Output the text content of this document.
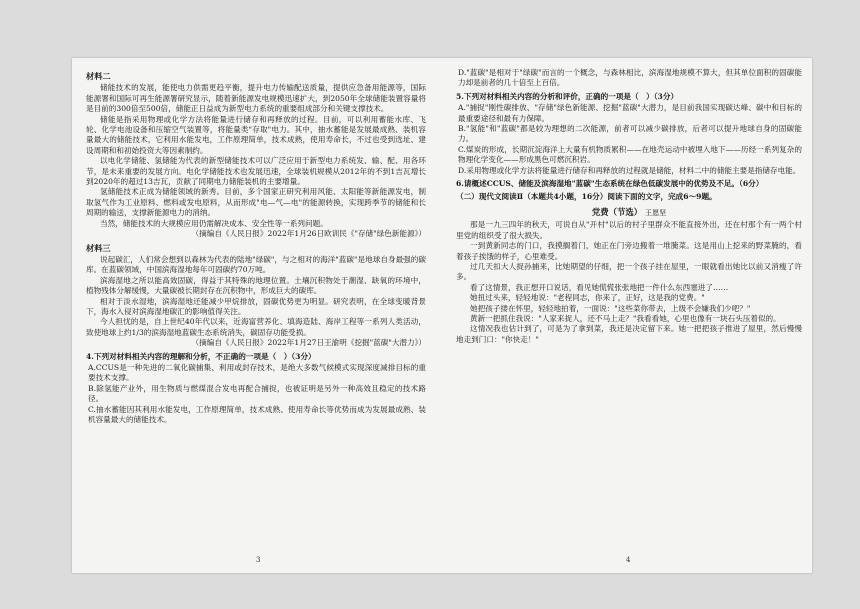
材料二

储能技术的发展，能使电力供需更趋平衡，提升电力传输配送质量，提供应急备用能源等，国际能源署和国际可再生能源署研究显示，随着新能源发电规模迅速扩大，到2050年全球储能装置容量将是目前的300倍至500倍，储能正日益成为新型电力系统的重要组成部分和关键支撑技术。

储能是指采用物理或化学方法将能量进行储存和再释放的过程。目前，可以利用蓄能水库、飞轮、化学电池设备和压缩空气装置等，将能量类"存取"电力。其中，抽水蓄能是发展最成熟、装机容量最大的储能技术，它利用水能发电，工作原理简单，技术成熟，使用寿命长，不过也受到选址、建设周期和和初始投资大等因素制约。

以电化学储能、氢储能为代表的新型储能技术可以广泛应用于新型电力系统发、输、配、用各环节，是未来重要的发展方向。电化学储能技术也发展迅速，全球装机规模从2012年的不到1吉瓦增长到2020年的超过13吉瓦，贡献了同期电力储能装机的主要增量。

氢储能技术正成为储能领域的新秀。目前，多个国家正研究利用风能、太阳能等新能源发电，制取氢气作为工业原料、燃料或发电原料，从而形成"电—气—电"的能源转换，实现跨季节的储能和长周期的输送，支撑新能源电力的消纳。

当然，储能技术的大规模应用仍需解决成本、安全性等一系列问题。

（摘编自《人民日报》2022年1月26日欧训民《"存储"绿色新能源》）

材料三

说起碳汇，人们常会想到以森林为代表的陆地"绿碳"，与之相对的海洋"蓝碳"是地球自身最强的碳库。在蓝碳领域，中国滨海湿地每年可固碳约70万吨。

滨海湿地之所以能高效固碳，得益于其特殊的地理位置。土壤沉积物处于潮湿、缺氧的环境中，植物残体分解缓慢，大量碳被长期封存在沉积物中，形成巨大的碳库。

相对于淡水湿地，滨海湿地还能减少甲烷排放，固碳优势更为明显。研究表明，在全球变暖背景下，海水入侵对滨海湿地碳汇的影响值得关注。

今人担忧的是，自上世纪40年代以来，近海富营养化、填海造陆、海岸工程等一系列人类活动，致使地球上约1/3的滨海湿地蓝碳生态系统消失，碳固存功能受损。

（摘编自《人民日报》2022年1月27日王渝明《挖掘"蓝碳"大潜力》）

4.下列对材料相关内容的理解和分析，不正确的一项是（　）（3分）

A.CCUS是一种先进的二氧化碳捕集、利用或封存技术，是绝大多数气候模式实现深度减排目标的重要技术支撑。

B.除氢能产业外，用生物质与燃煤混合发电再配合捕捉，也被证明是另外一种高效且稳定的技术路径。

C.抽水蓄能因其利用水能发电，工作原理简单，技术成熟、使用寿命长等优势而成为发展最成熟、装机容量最大的储能技术。

3

D."蓝碳"是相对于"绿碳"而言的一个概念，与森林相比，滨海湿地规模不算大，但其单位面积的固碳能力却是前者的几十倍至上百倍。

5.下列对材料相关内容的分析和评价，正确的一项是（　）（3分）

A."捕捉"刚性碳排放、"存储"绿色新能源、挖掘"蓝碳"大潜力，是目前我国实现碳达峰、碳中和目标的最重要途径和最有力保障。

B."氢能"和"蓝碳"都是较为理想的二次能源，前者可以减少碳排放，后者可以提升地球自身的固碳能力。

C.煤炭的形成，长期沉淀海洋上大量有机物质累积——在地壳运动中被埋入地下——历经一系列复杂的物理化学变化——形成黑色可燃沉积岩。

D.采用物理或化学方法将能量进行储存和再释放的过程就是储能，材料二中的储能主要是指储存电能。

6.请概述CCUS、储能及滨海湿地"蓝碳"生态系统在绿色低碳发展中的优势及不足。（6分）

（二）现代文阅读Ⅱ（本题共4小题，16分）阅读下面的文字，完成6～9题。

党费（节选） 王愿坚

那是一九三四年的秋天，可说自从"开村"以后的村子里群众不能直接外出，还在村那个有一两个村里党的组织受了很大损失。

一到黄新同志的门口，我摸搁着门，她正在门旁边搬着一堆腌菜。这是用山上挖来的野菜腌的，看着孩子挨饿的样子，心里难受。

过几天扣大人捉孙捕来，比她期望的仔细，把一个孩子挂在屋里，一眼就看出她比以前又消瘦了许多。

看了这情景，我正想开口说话，看见她慌慌张张地把一件什么东西塞进了……

她扭过头来，轻轻地说："老程同志，你来了，正好，这是我的党费。"

她把孩子搂在怀里，轻轻地拍着，一面说："这些菜你带去，上级不会嫌我们少吧？"

黄新一把抓住我说："人家来捉人，还不马上走？"我看看她，心里也像有一块石头压着似的。

这情况我也估计到了，可是为了拿到菜，我还是决定留下来。她一把把孩子推进了屋里，然后慢慢地走到门口："你快走！"

4
